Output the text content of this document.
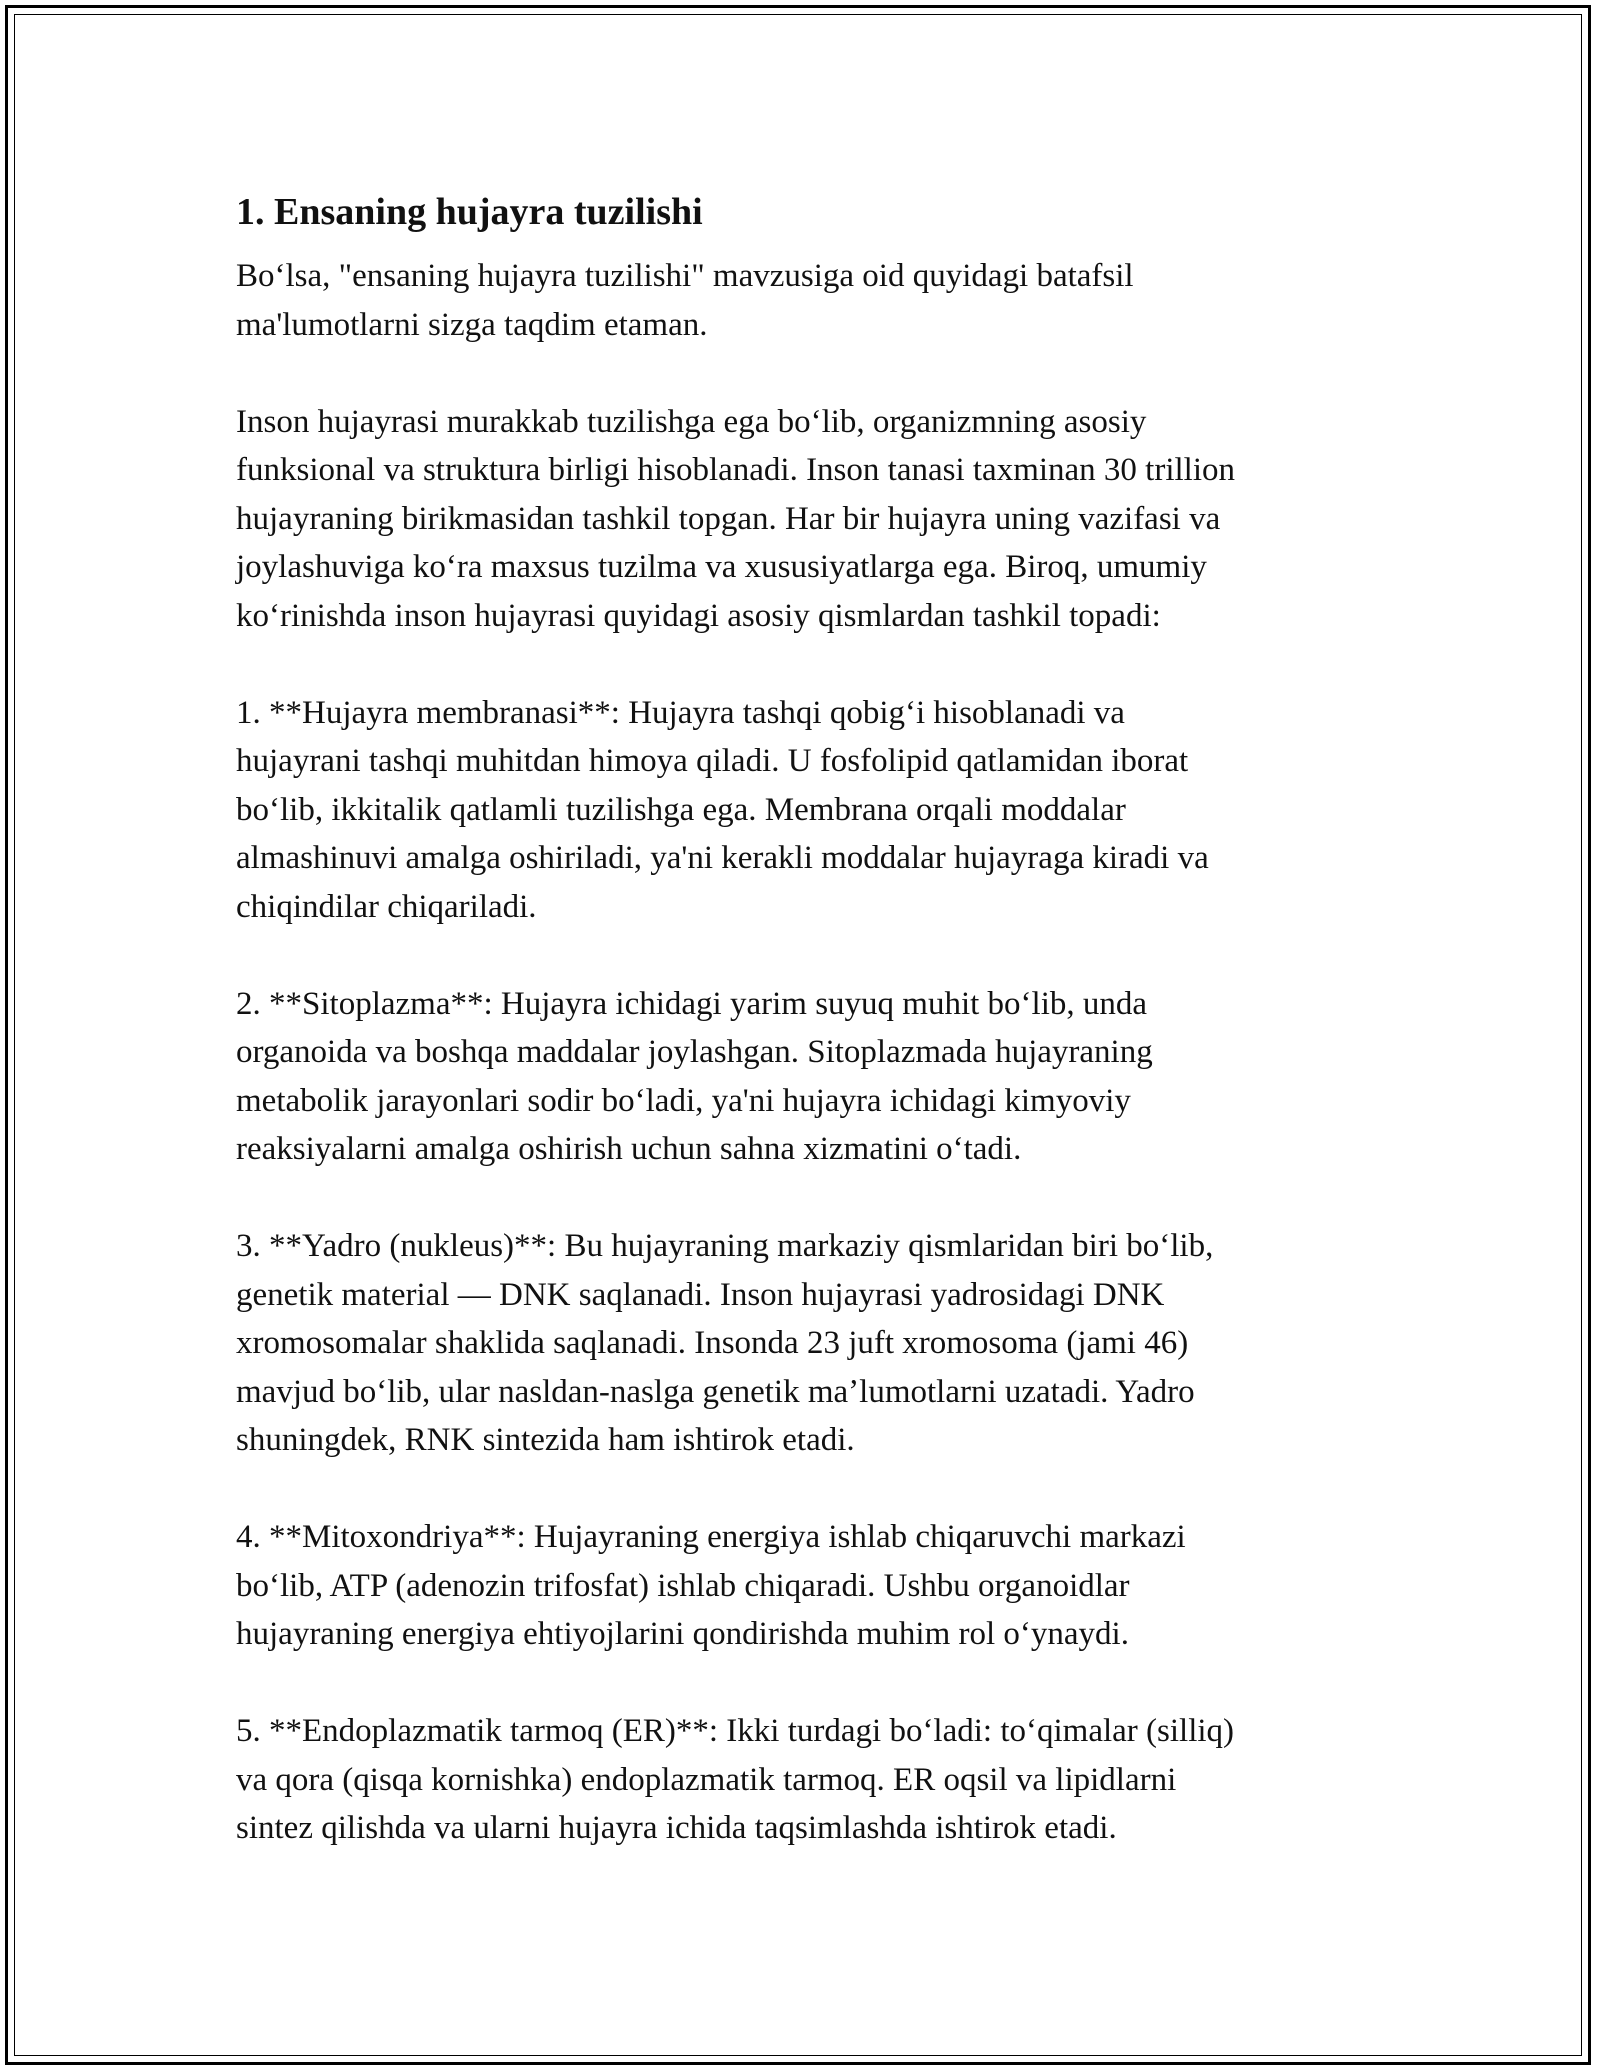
1. Ensaning hujayra tuzilishi

Boʻlsa, "ensaning hujayra tuzilishi" mavzusiga oid quyidagi batafsil
ma'lumotlarni sizga taqdim etaman.

Inson hujayrasi murakkab tuzilishga ega boʻlib, organizmning asosiy
funksional va struktura birligi hisoblanadi. Inson tanasi taxminan 30 trillion
hujayraning birikmasidan tashkil topgan. Har bir hujayra uning vazifasi va
joylashuviga koʻra maxsus tuzilma va xususiyatlarga ega. Biroq, umumiy
koʻrinishda inson hujayrasi quyidagi asosiy qismlardan tashkil topadi:

1. **Hujayra membranasi**: Hujayra tashqi qobigʻi hisoblanadi va
hujayrani tashqi muhitdan himoya qiladi. U fosfolipid qatlamidan iborat
boʻlib, ikkitalik qatlamli tuzilishga ega. Membrana orqali moddalar
almashinuvi amalga oshiriladi, ya'ni kerakli moddalar hujayraga kiradi va
chiqindilar chiqariladi.

2. **Sitoplazma**: Hujayra ichidagi yarim suyuq muhit boʻlib, unda
organoida va boshqa maddalar joylashgan. Sitoplazmada hujayraning
metabolik jarayonlari sodir boʻladi, ya'ni hujayra ichidagi kimyoviy
reaksiyalarni amalga oshirish uchun sahna xizmatini oʻtadi.

3. **Yadro (nukleus)**: Bu hujayraning markaziy qismlaridan biri boʻlib,
genetik material — DNK saqlanadi. Inson hujayrasi yadrosidagi DNK
xromosomalar shaklida saqlanadi. Insonda 23 juft xromosoma (jami 46)
mavjud boʻlib, ular nasldan-naslga genetik maʼlumotlarni uzatadi. Yadro
shuningdek, RNK sintezida ham ishtirok etadi.

4. **Mitoxondriya**: Hujayraning energiya ishlab chiqaruvchi markazi
boʻlib, ATP (adenozin trifosfat) ishlab chiqaradi. Ushbu organoidlar
hujayraning energiya ehtiyojlarini qondirishda muhim rol oʻynaydi.

5. **Endoplazmatik tarmoq (ER)**: Ikki turdagi boʻladi: toʻqimalar (silliq)
va qora (qisqa kornishka) endoplazmatik tarmoq. ER oqsil va lipidlarni
sintez qilishda va ularni hujayra ichida taqsimlashda ishtirok etadi.
